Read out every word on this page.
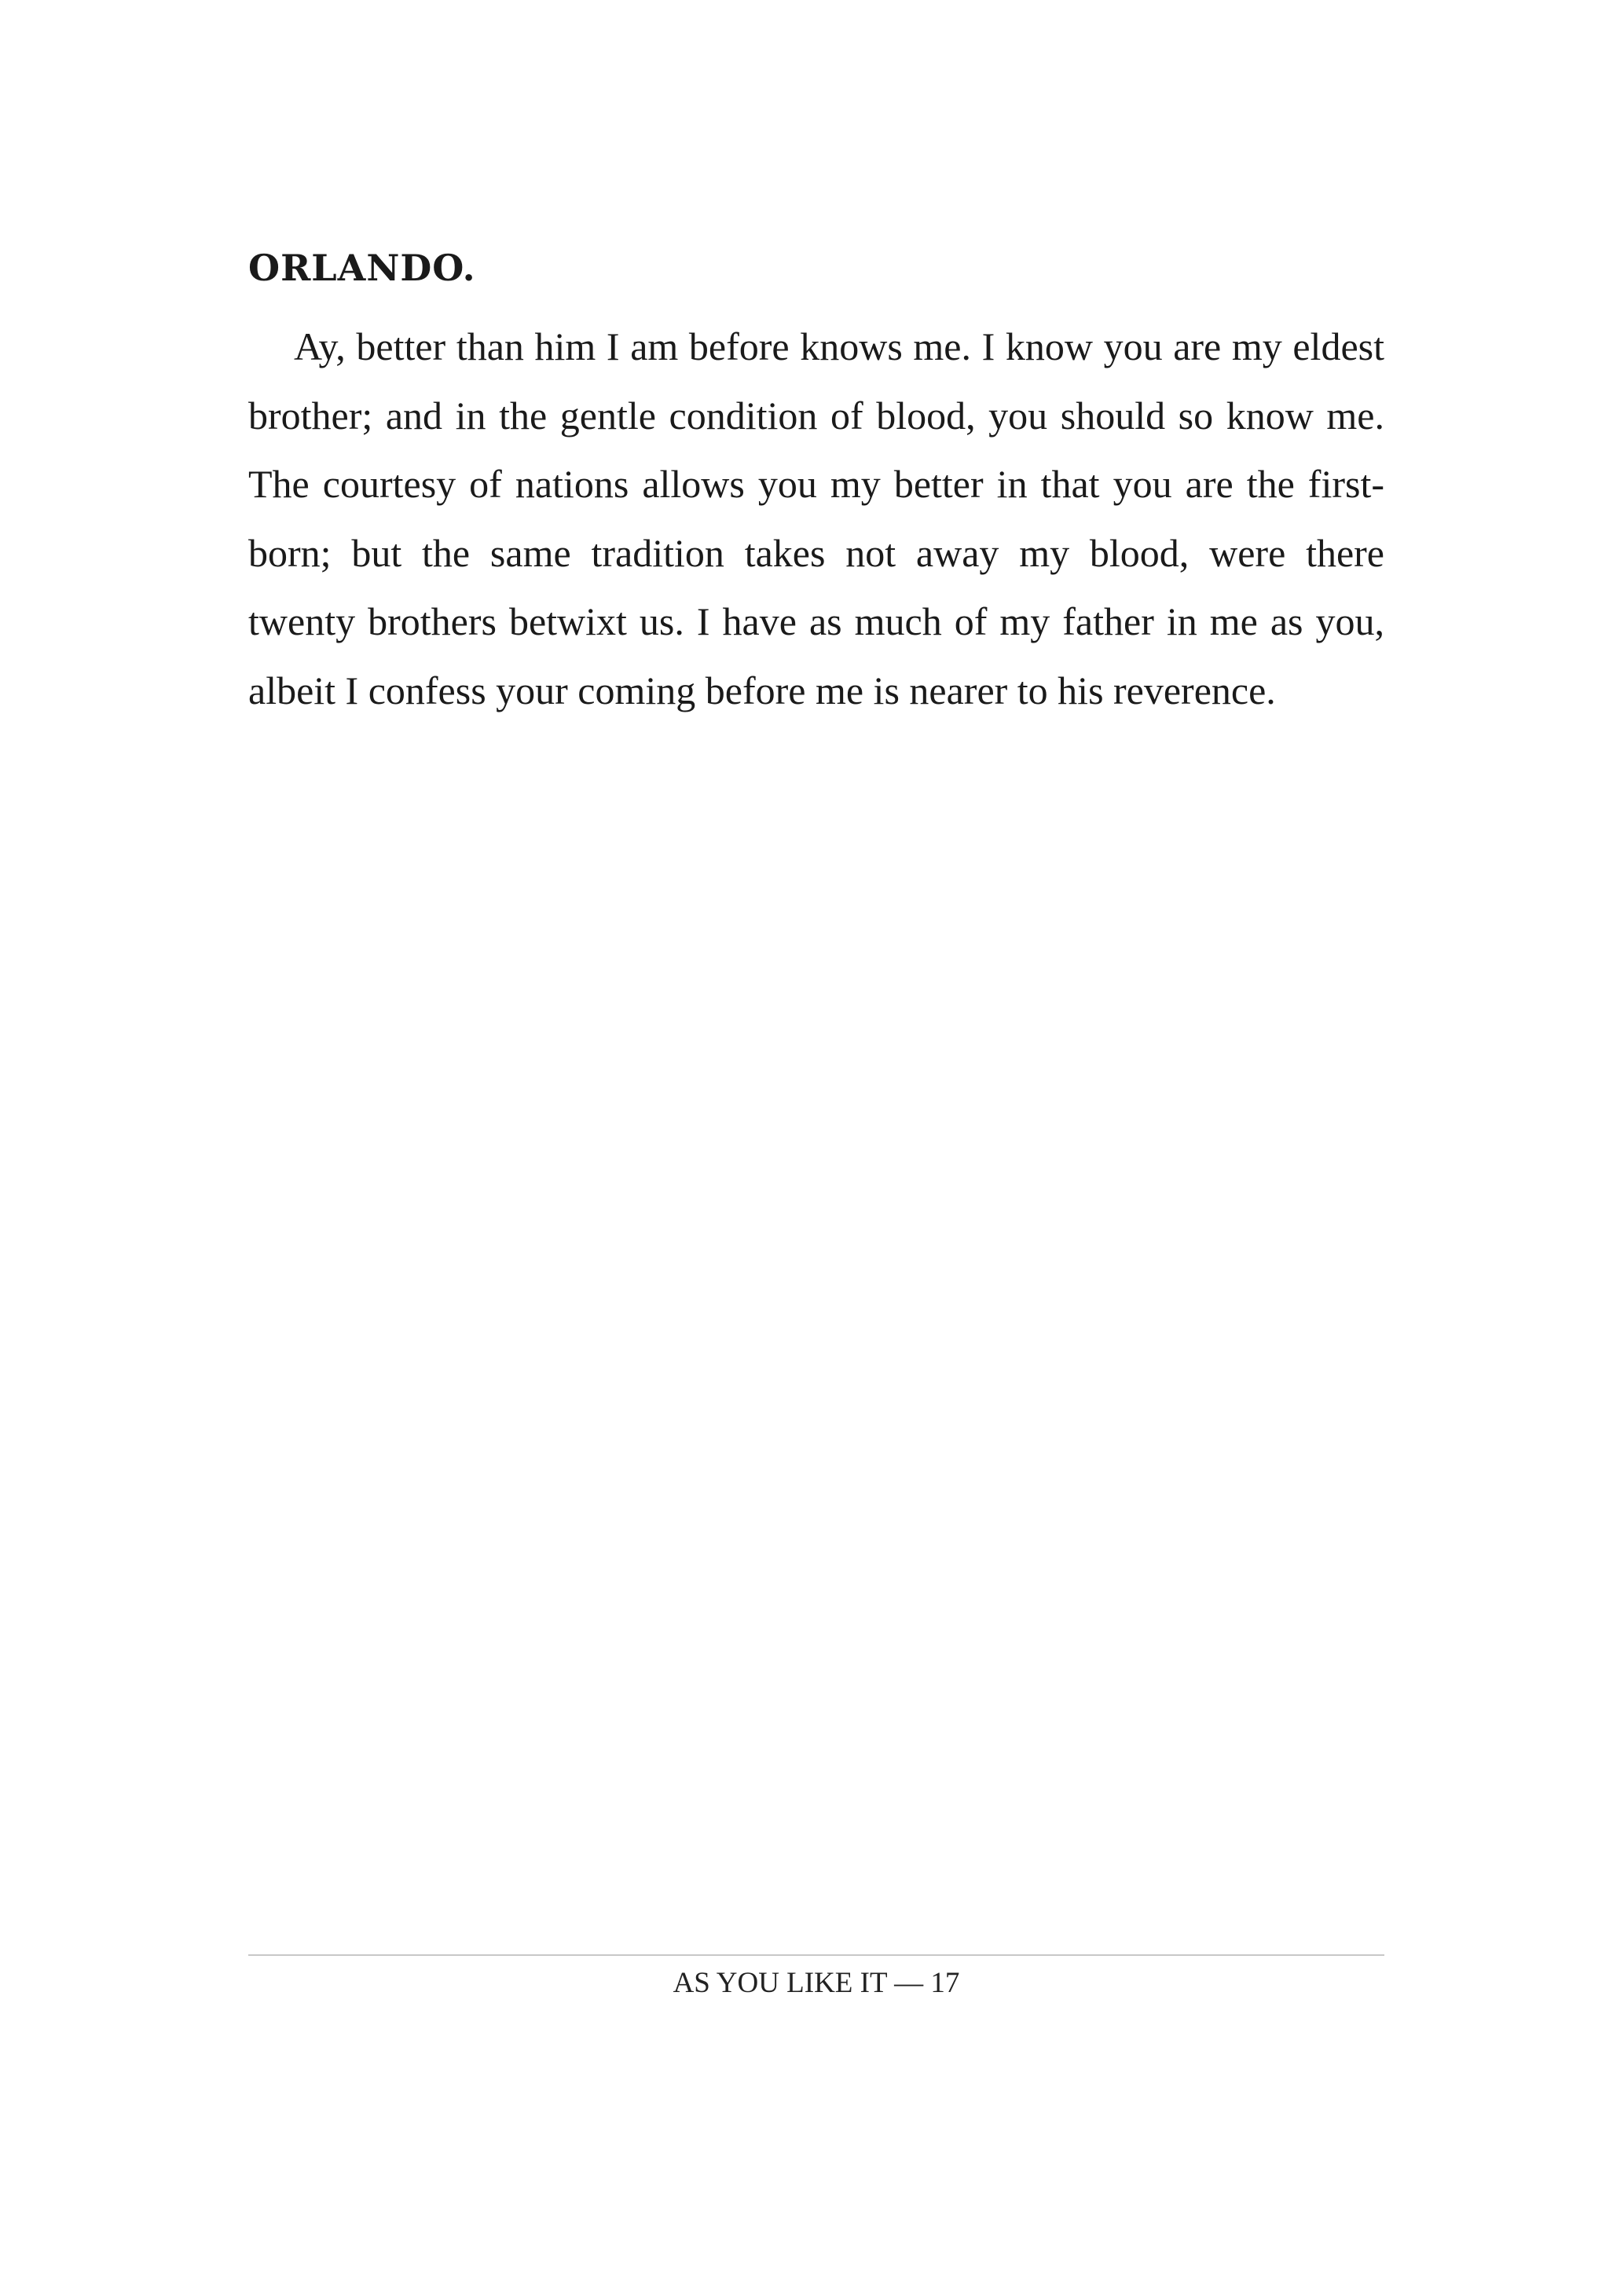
ORLANDO.

Ay, better than him I am before knows me. I know you are my eldest brother; and in the gentle condition of blood, you should so know me. The courtesy of nations allows you my better in that you are the first-born; but the same tradition takes not away my blood, were there twenty brothers betwixt us. I have as much of my father in me as you, albeit I confess your coming before me is nearer to his reverence.

AS YOU LIKE IT — 17
